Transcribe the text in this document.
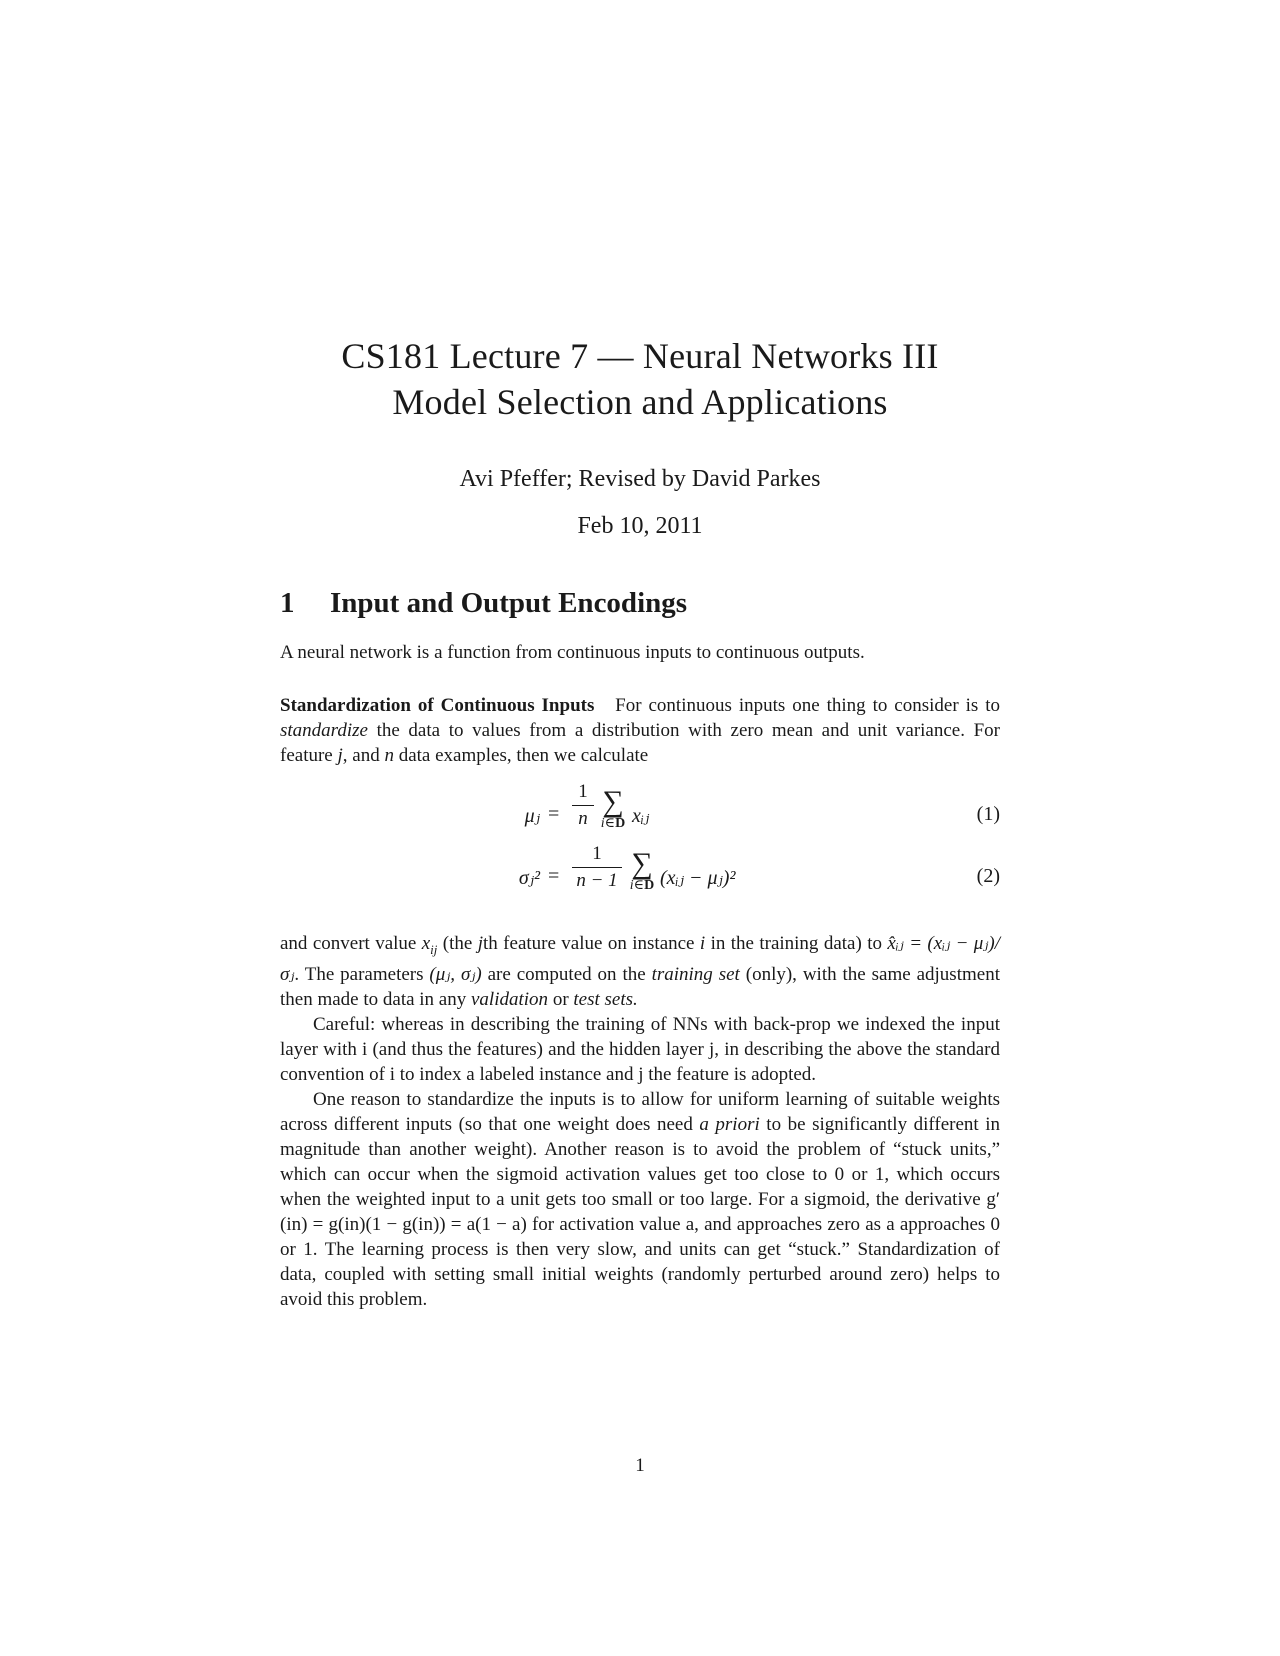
CS181 Lecture 7 — Neural Networks III
Model Selection and Applications
Avi Pfeffer; Revised by David Parkes
Feb 10, 2011
1 Input and Output Encodings
A neural network is a function from continuous inputs to continuous outputs.
Standardization of Continuous Inputs For continuous inputs one thing to consider is to standardize the data to values from a distribution with zero mean and unit variance. For feature j, and n data examples, then we calculate
μⱼ =
1
n
∑
i∈D xᵢⱼ	(1)
σⱼ² =
1
n − 1
∑
i∈D (xᵢⱼ − μⱼ)²	(2)
and convert value $x_{ij}$ (the jth feature value on instance i in the training data) to x̂ᵢⱼ = (xᵢⱼ − μⱼ)/σⱼ. The parameters (μⱼ, σⱼ) are computed on the training set (only), with the same adjustment then made to data in any validation or test sets.
Careful: whereas in describing the training of NNs with back-prop we indexed the input layer with i (and thus the features) and the hidden layer j, in describing the above the standard convention of i to index a labeled instance and j the feature is adopted.
One reason to standardize the inputs is to allow for uniform learning of suitable weights across different inputs (so that one weight does need a priori to be significantly different in magnitude than another weight). Another reason is to avoid the problem of “stuck units,” which can occur when the sigmoid activation values get too close to 0 or 1, which occurs when the weighted input to a unit gets too small or too large. For a sigmoid, the derivative g′(in) = g(in)(1 − g(in)) = a(1 − a) for activation value a, and approaches zero as a approaches 0 or 1. The learning process is then very slow, and units can get “stuck.” Standardization of data, coupled with setting small initial weights (randomly perturbed around zero) helps to avoid this problem.
1
